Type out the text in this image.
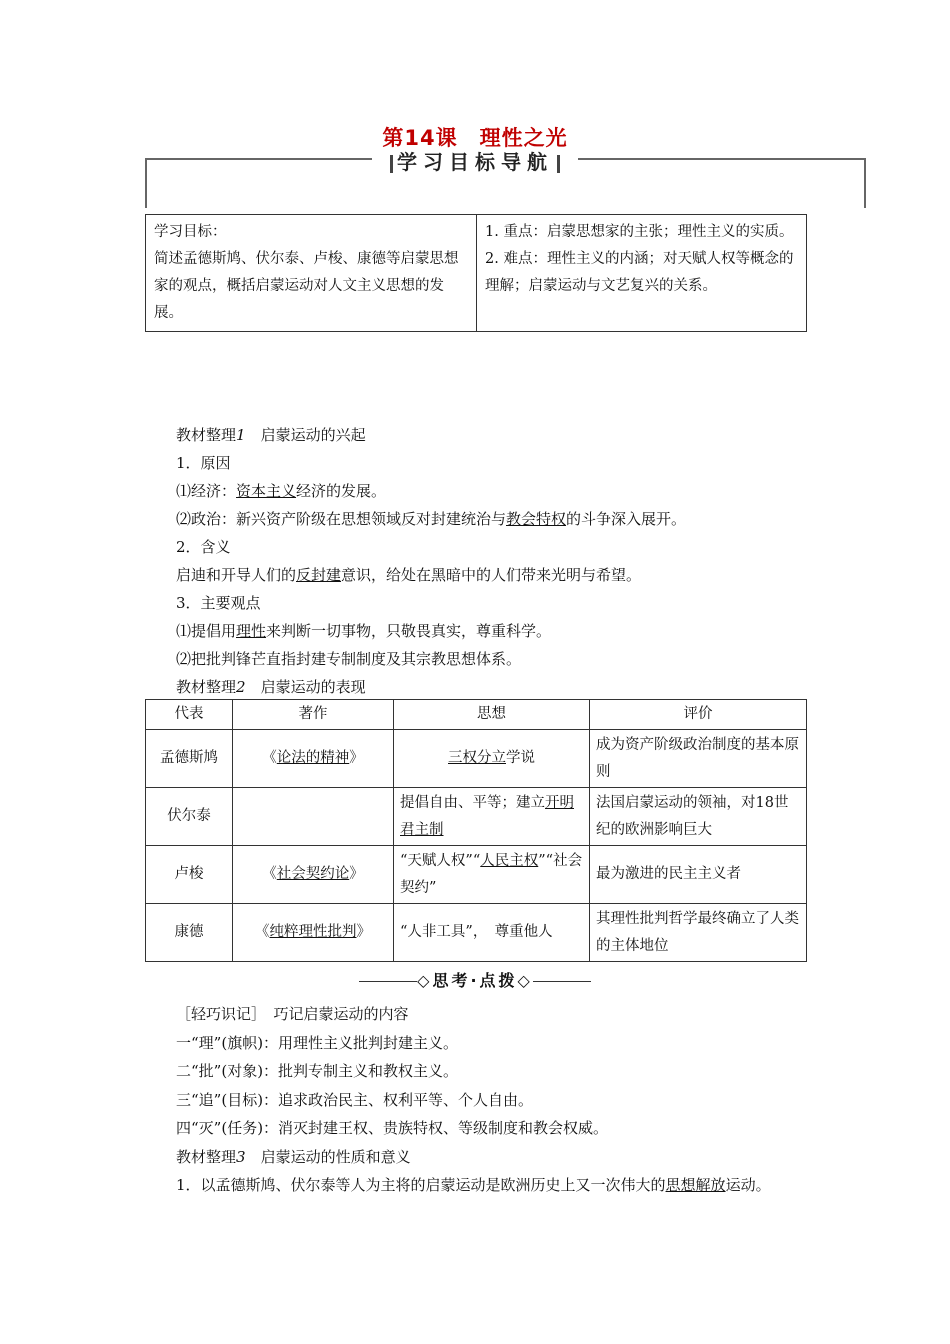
第14课　理性之光
学习目标导航
学习目标：
简述孟德斯鸠、伏尔泰、卢梭、康德等启蒙思想家的观点，概括启蒙运动对人文主义思想的发展。

1. 重点：启蒙思想家的主张；理性主义的实质。
2. 难点：理性主义的内涵；对天赋人权等概念的理解；启蒙运动与文艺复兴的关系。

教材整理1　 启蒙运动的兴起

1．原因

⑴经济：资本主义经济的发展。

⑵政治：新兴资产阶级在思想领域反对封建统治与教会特权的斗争深入展开。

2．含义

启迪和开导人们的反封建意识，给处在黑暗中的人们带来光明与希望。

3．主要观点

⑴提倡用理性来判断一切事物，只敬畏真实，尊重科学。

⑵把批判锋芒直指封建专制制度及其宗教思想体系。

教材整理2　 启蒙运动的表现

代表	著作	思想	评价
孟德斯鸠	《论法的精神》	三权分立学说	成为资产阶级政治制度的基本原则
伏尔泰		提倡自由、平等；建立开明君主制	法国启蒙运动的领袖，对18世纪的欧洲影响巨大
卢梭	《社会契约论》	“天赋人权”“人民主权”“社会契约”	最为激进的民主主义者
康德	《纯粹理性批判》	“人非工具”，　尊重他人	其理性批判哲学最终确立了人类的主体地位
◇思考·点拨◇

［轻巧识记］　巧记启蒙运动的内容

一“理”(旗帜)：用理性主义批判封建主义。

二“批”(对象)：批判专制主义和教权主义。

三“追”(目标)：追求政治民主、权利平等、个人自由。

四“灭”(任务)：消灭封建王权、贵族特权、等级制度和教会权威。

教材整理3　 启蒙运动的性质和意义

1．以孟德斯鸠、伏尔泰等人为主将的启蒙运动是欧洲历史上又一次伟大的思想解放运动。
